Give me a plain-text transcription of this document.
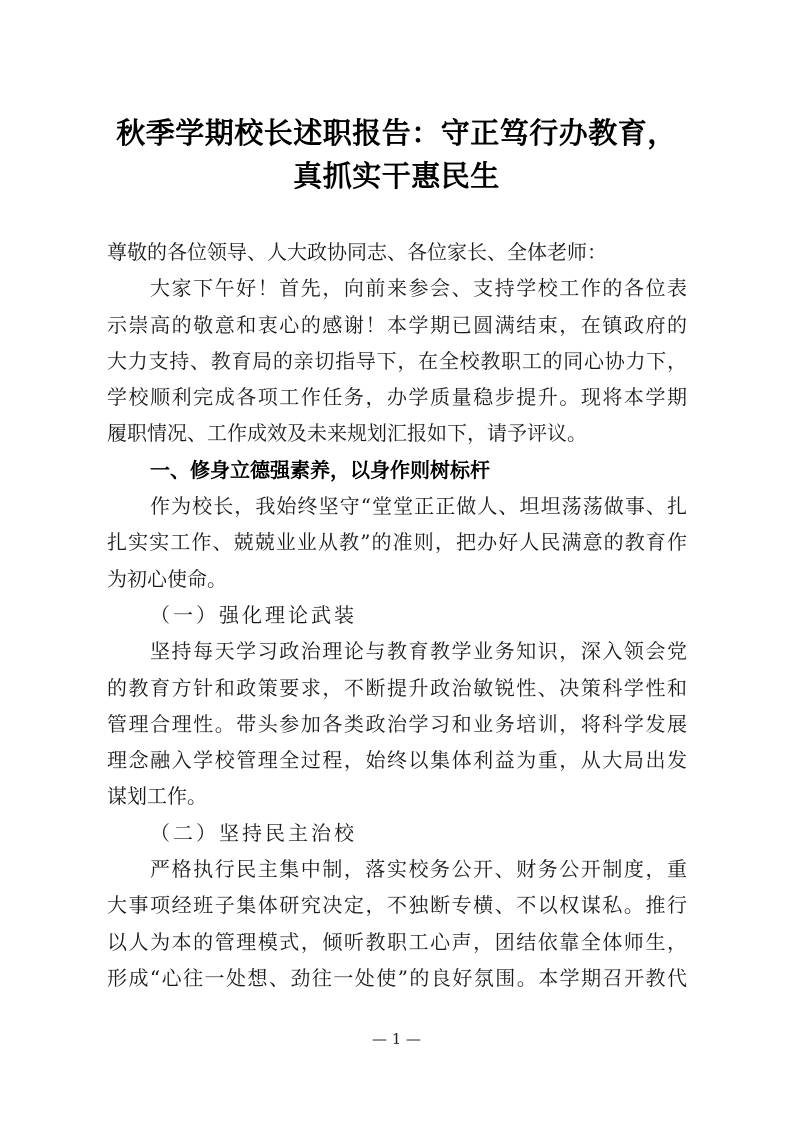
秋季学期校长述职报告：守正笃行办教育，
真抓实干惠民生
尊敬的各位领导、人大政协同志、各位家长、全体老师：
大家下午好！首先，向前来参会、支持学校工作的各位表
示崇高的敬意和衷心的感谢！本学期已圆满结束，在镇政府的
大力支持、教育局的亲切指导下，在全校教职工的同心协力下，
学校顺利完成各项工作任务，办学质量稳步提升。现将本学期
履职情况、工作成效及未来规划汇报如下，请予评议。
一、修身立德强素养，以身作则树标杆
作为校长，我始终坚守“堂堂正正做人、坦坦荡荡做事、扎
扎实实工作、兢兢业业从教”的准则，把办好人民满意的教育作
为初心使命。
（一）强化理论武装
坚持每天学习政治理论与教育教学业务知识，深入领会党
的教育方针和政策要求，不断提升政治敏锐性、决策科学性和
管理合理性。带头参加各类政治学习和业务培训，将科学发展
理念融入学校管理全过程，始终以集体利益为重，从大局出发
谋划工作。
（二）坚持民主治校
严格执行民主集中制，落实校务公开、财务公开制度，重
大事项经班子集体研究决定，不独断专横、不以权谋私。推行
以人为本的管理模式，倾听教职工心声，团结依靠全体师生，
形成“心往一处想、劲往一处使”的良好氛围。本学期召开教代
— 1 —
